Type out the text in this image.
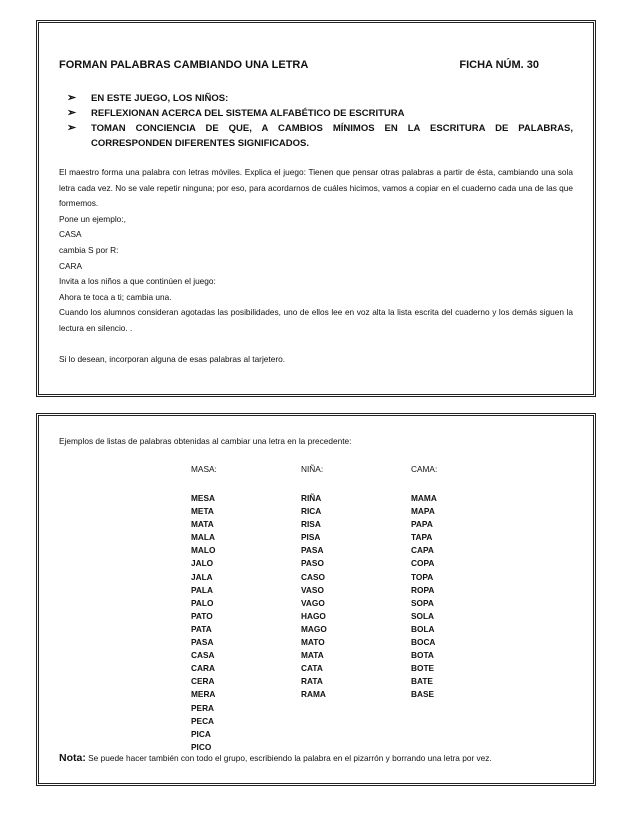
FORMAN PALABRAS CAMBIANDO UNA LETRA	FICHA NÚM. 30
➢ EN ESTE JUEGO, LOS NIÑOS:
➢ REFLEXIONAN ACERCA DEL SISTEMA ALFABÉTICO DE ESCRITURA
➢ TOMAN CONCIENCIA DE QUE, A CAMBIOS MÍNIMOS EN LA ESCRITURA DE PALABRAS, CORRESPONDEN DIFERENTES SIGNIFICADOS.

El maestro forma una palabra con letras móviles. Explica el juego: Tienen que pensar otras palabras a partir de ésta, cambiando una sola letra cada vez. No se vale repetir ninguna; por eso, para acordarnos de cuáles hicimos, vamos a copiar en el cuaderno cada una de las que formemos.

Pone un ejemplo:,

CASA

cambia S por R:

CARA

Invita a los niños a que continúen el juego:

Ahora te toca a ti; cambia una.

Cuando los alumnos consideran agotadas las posibilidades, uno de ellos lee en voz alta la lista escrita del cuaderno y los demás siguen la lectura en silencio. .

Si lo desean, incorporan alguna de esas palabras al tarjetero.

Ejemplos de listas de palabras obtenidas al cambiar una letra en la precedente:
MASA:
MESA
META
MATA
MALA
MALO
JALO
JALA
PALA
PALO
PATO
PATA
PASA
CASA
CARA
CERA
MERA
PERA
PECA
PICA
PICO
NIÑA:
RIÑA
RICA
RISA
PISA
PASA
PASO
CASO
VASO
VAGO
HAGO
MAGO
MATO
MATA
CATA
RATA
RAMA
CAMA:
MAMA
MAPA
PAPA
TAPA
CAPA
COPA
TOPA
ROPA
SOPA
SOLA
BOLA
BOCA
BOTA
BOTE
BATE
BASE
Nota: Se puede hacer también con todo el grupo, escribiendo la palabra en el pizarrón y borrando una letra por vez.
